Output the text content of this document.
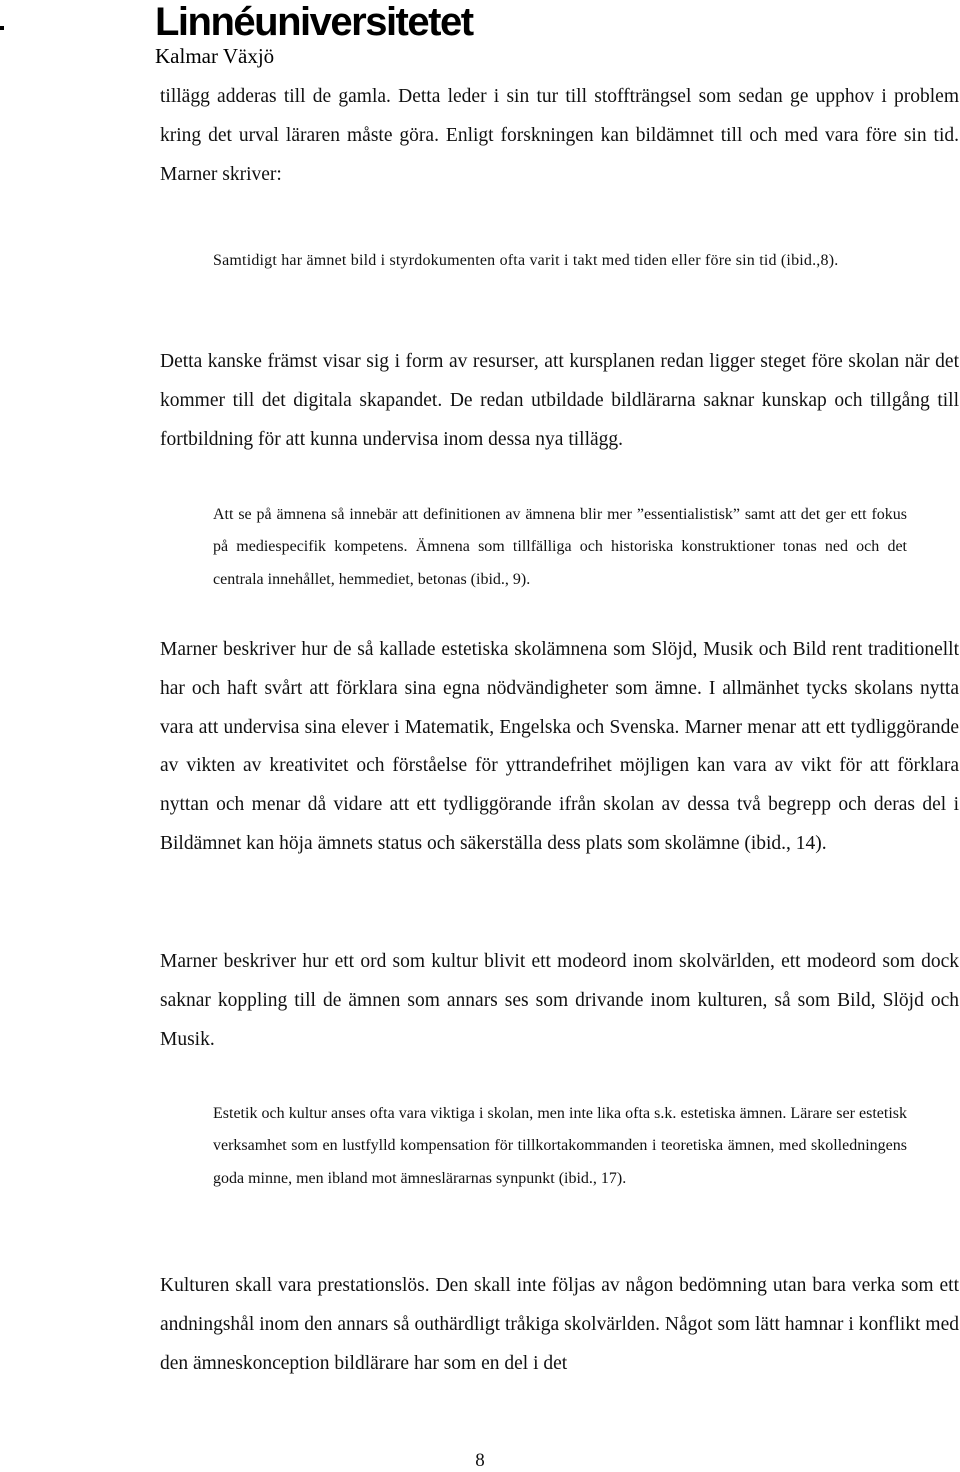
Linnéuniversitetet
Kalmar Växjö

tillägg adderas till de gamla. Detta leder i sin tur till stoffträngsel som sedan ge upphov i problem kring det urval läraren måste göra. Enligt forskningen kan bildämnet till och med vara före sin tid. Marner skriver:

Samtidigt har ämnet bild i styrdokumenten ofta varit i takt med tiden eller före sin tid (ibid.,8).

Detta kanske främst visar sig i form av resurser, att kursplanen redan ligger steget före skolan när det kommer till det digitala skapandet. De redan utbildade bildlärarna saknar kunskap och tillgång till fortbildning för att kunna undervisa inom dessa nya tillägg.

Att se på ämnena så innebär att definitionen av ämnena blir mer ”essentialistisk” samt att det ger ett fokus på mediespecifik kompetens. Ämnena som tillfälliga och historiska konstruktioner tonas ned och det centrala innehållet, hemmediet, betonas (ibid., 9).

Marner beskriver hur de så kallade estetiska skolämnena som Slöjd, Musik och Bild rent traditionellt har och haft svårt att förklara sina egna nödvändigheter som ämne. I allmänhet tycks skolans nytta vara att undervisa sina elever i Matematik, Engelska och Svenska. Marner menar att ett tydliggörande av vikten av kreativitet och förståelse för yttrandefrihet möjligen kan vara av vikt för att förklara nyttan och menar då vidare att ett tydliggörande ifrån skolan av dessa två begrepp och deras del i Bildämnet kan höja ämnets status och säkerställa dess plats som skolämne (ibid., 14).

Marner beskriver hur ett ord som kultur blivit ett modeord inom skolvärlden, ett modeord som dock saknar koppling till de ämnen som annars ses som drivande inom kulturen, så som Bild, Slöjd och Musik.

Estetik och kultur anses ofta vara viktiga i skolan, men inte lika ofta s.k. estetiska ämnen. Lärare ser estetisk verksamhet som en lustfylld kompensation för tillkortakommanden i teoretiska ämnen, med skolledningens goda minne, men ibland mot ämneslärarnas synpunkt (ibid., 17).

Kulturen skall vara prestationslös. Den skall inte följas av någon bedömning utan bara verka som ett andningshål inom den annars så outhärdligt tråkiga skolvärlden. Något som lätt hamnar i konflikt med den ämneskonception bildlärare har som en del i det

8
